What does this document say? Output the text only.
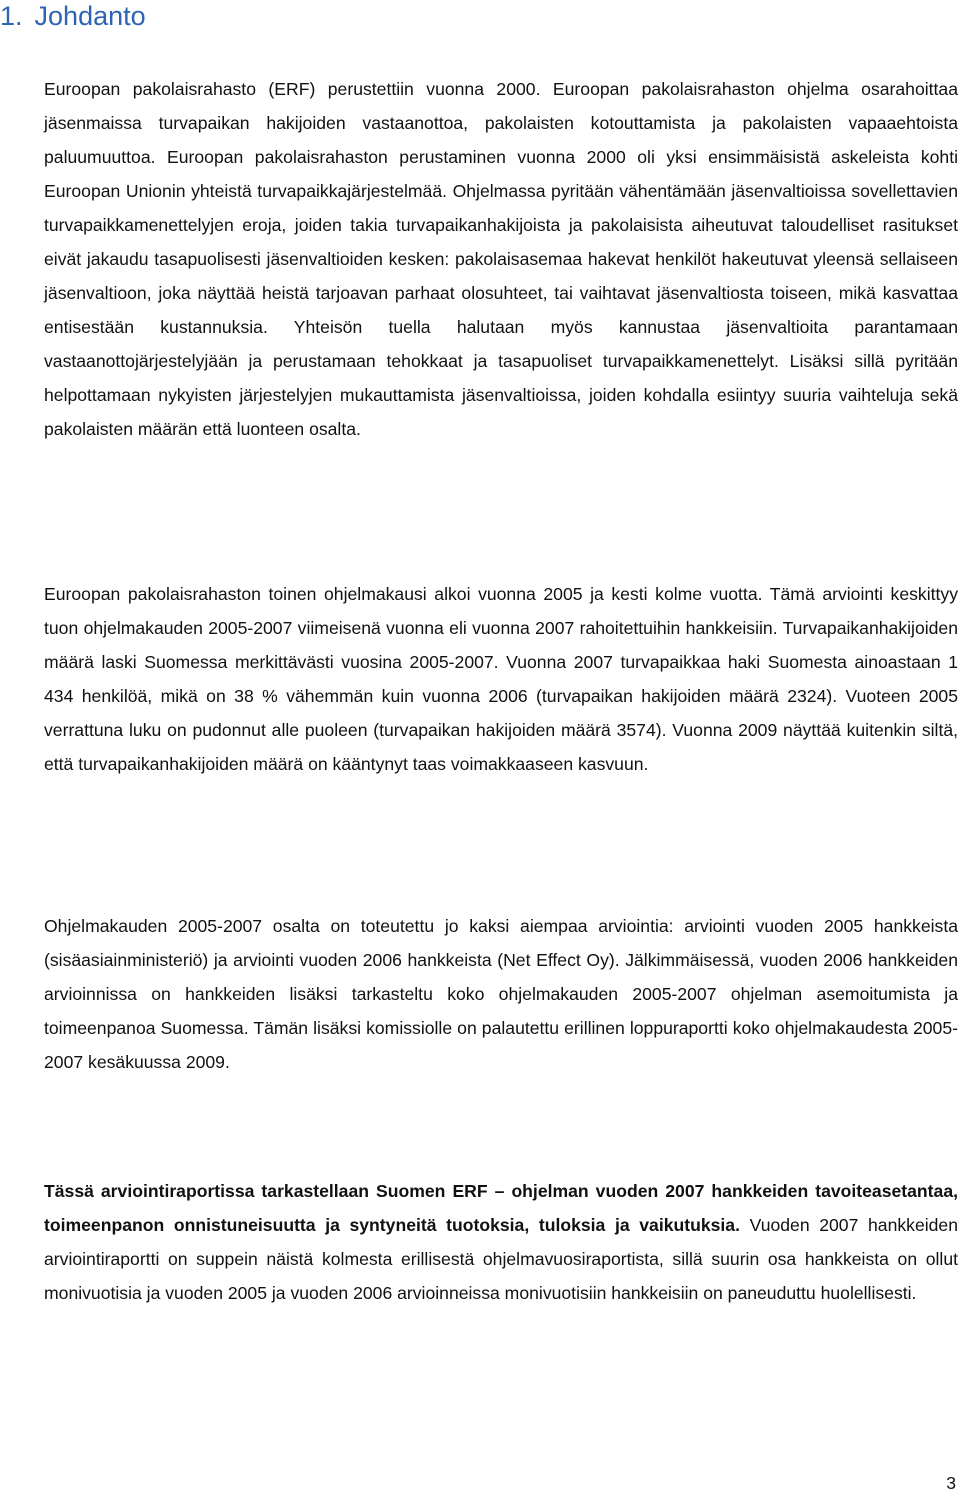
1. Johdanto

Euroopan pakolaisrahasto (ERF) perustettiin vuonna 2000. Euroopan pakolaisrahaston ohjelma osarahoittaa jäsenmaissa turvapaikan hakijoiden vastaanottoa, pakolaisten kotouttamista ja pakolaisten vapaaehtoista paluumuuttoa. Euroopan pakolaisrahaston perustaminen vuonna 2000 oli yksi ensimmäisistä askeleista kohti Euroopan Unionin yhteistä turvapaikkajärjestelmää. Ohjelmassa pyritään vähentämään jäsenvaltioissa sovellettavien turvapaikkamenettelyjen eroja, joiden takia turvapaikanhakijoista ja pakolaisista aiheutuvat taloudelliset rasitukset eivät jakaudu tasapuolisesti jäsenvaltioiden kesken: pakolaisasemaa hakevat henkilöt hakeutuvat yleensä sellaiseen jäsenvaltioon, joka näyttää heistä tarjoavan parhaat olosuhteet, tai vaihtavat jäsenvaltiosta toiseen, mikä kasvattaa entisestään kustannuksia. Yhteisön tuella halutaan myös kannustaa jäsenvaltioita parantamaan vastaanottojärjestelyjään ja perustamaan tehokkaat ja tasapuoliset turvapaikkamenettelyt. Lisäksi sillä pyritään helpottamaan nykyisten järjestelyjen mukauttamista jäsenvaltioissa, joiden kohdalla esiintyy suuria vaihteluja sekä pakolaisten määrän että luonteen osalta.

Euroopan pakolaisrahaston toinen ohjelmakausi alkoi vuonna 2005 ja kesti kolme vuotta. Tämä arviointi keskittyy tuon ohjelmakauden 2005-2007 viimeisenä vuonna eli vuonna 2007 rahoitettuihin hankkeisiin. Turvapaikanhakijoiden määrä laski Suomessa merkittävästi vuosina 2005-2007. Vuonna 2007 turvapaikkaa haki Suomesta ainoastaan 1 434 henkilöä, mikä on 38 % vähemmän kuin vuonna 2006 (turvapaikan hakijoiden määrä 2324). Vuoteen 2005 verrattuna luku on pudonnut alle puoleen (turvapaikan hakijoiden määrä 3574). Vuonna 2009 näyttää kuitenkin siltä, että turvapaikanhakijoiden määrä on kääntynyt taas voimakkaaseen kasvuun.

Ohjelmakauden 2005-2007 osalta on toteutettu jo kaksi aiempaa arviointia: arviointi vuoden 2005 hankkeista (sisäasiainministeriö) ja arviointi vuoden 2006 hankkeista (Net Effect Oy). Jälkimmäisessä, vuoden 2006 hankkeiden arvioinnissa on hankkeiden lisäksi tarkasteltu koko ohjelmakauden 2005-2007 ohjelman asemoitumista ja toimeenpanoa Suomessa. Tämän lisäksi komissiolle on palautettu erillinen loppuraportti koko ohjelmakaudesta 2005-2007 kesäkuussa 2009.

Tässä arviointiraportissa tarkastellaan Suomen ERF – ohjelman vuoden 2007 hankkeiden tavoiteasetantaa, toimeenpanon onnistuneisuutta ja syntyneitä tuotoksia, tuloksia ja vaikutuksia. Vuoden 2007 hankkeiden arviointiraportti on suppein näistä kolmesta erillisestä ohjelmavuosiraportista, sillä suurin osa hankkeista on ollut monivuotisia ja vuoden 2005 ja vuoden 2006 arvioinneissa monivuotisiin hankkeisiin on paneuduttu huolellisesti.

3
